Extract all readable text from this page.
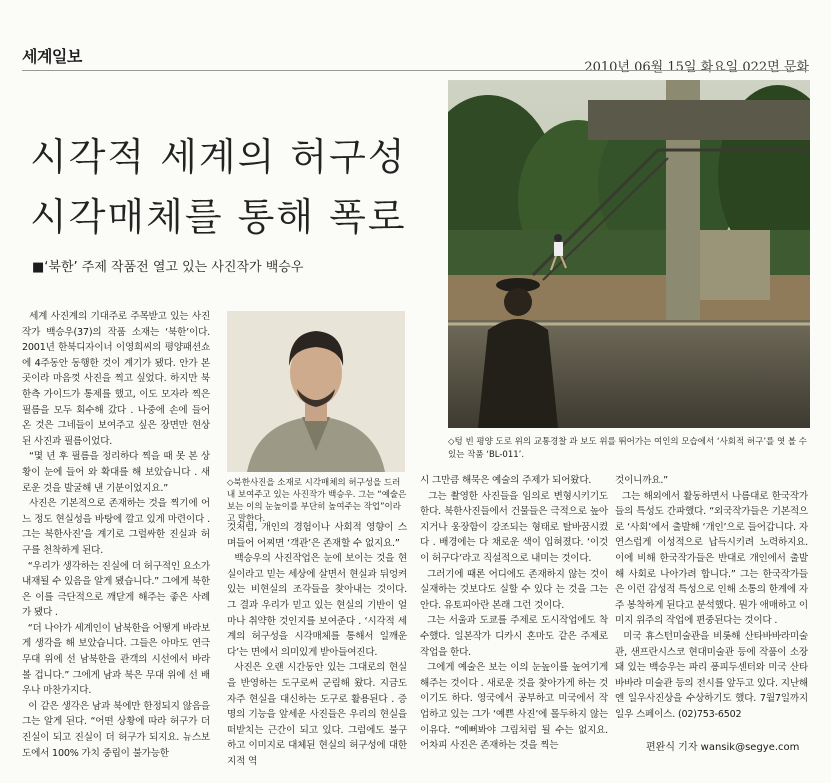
세계일보
2010년 06월 15일 화요일 022면 문화
시각적 세계의 허구성
시각매체를 통해 폭로
■‘북한’ 주제 작품전 열고 있는 사진작가 백승우
◇텅 빈 평양 도로 위의 교통경찰 과 보도 위를 뛰어가는 여인의 모습에서 ‘사회적 허구’를 엿 볼 수 있는 작품 ‘BL-011’.
◇북한사진을 소재로 시각매체의 허구성을 드러내 보여주고 있는 사진작가 백승우. 그는 “예술은 보는 이의 눈높이를 부단히 높여주는 작업”이라고 말한다.
세계 사진계의 기대주로 주목받고 있는 사진작가 백승우(37)의 작품 소재는 ‘북한’이다. 2001년 한북디자이너 이영희씨의 평양패션쇼에 4주동안 동행한 것이 계기가 됐다. 안가 본 곳이라 마음껏 사진을 찍고 싶었다. 하지만 북한측 가이드가 통제를 했고, 이도 모자라 찍은 필름을 모두 회수해 갔다 . 나중에 손에 들어 온 것은 그네들이 보여주고 싶은 장면만 현상 된 사진과 필름이었다.
“몇 년 후 필름을 정리하다 찍을 때 못 본 상황이 눈에 들어 와 확대를 해 보았습니다 . 새로운 것을 발굴해 낸 기분이었지요.”
사진은 기본적으로 존재하는 것을 찍기에 어느 정도 현실성을 바탕에 깔고 있게 마련이다 . 그는 북한사진’을 계기로 그럴싸한 진실과 허구를 천착하게 된다.
“우리가 생각하는 진실에 더 허구적인 요소가 내재될 수 있음을 알게 됐습니다.” 그에게 북한은 이를 극단적으로 깨닫게 해주는 좋은 사례가 됐다 .
“더 나아가 세계인이 남북한을 어떻게 바라보게 생각을 해 보았습니다. 그들은 아마도 연극무대 위에 선 남북한을 관객의 시선에서 바라볼 겁니다.” 그에게 남과 북은 무대 위에 선 배우나 마찬가지다.
이 같은 생각은 남과 북에만 한정되지 않음을 그는 알게 된다. “어떤 상황에 따라 허구가 더 진실이 되고 진실이 더 허구가 되지요. 뉴스보도에서 100% 가치 중립이 불가능한
것처럼, 개인의 경험이나 사회적 영향이 스며들어 어찌면 ‘객관’은 존재할 수 없지요.”
백승우의 사진작업은 눈에 보이는 것을 현실이라고 믿는 세상에 살면서 현실과 뒤엉켜 있는 비현실의 조각들을 찾아내는 것이다. 그 결과 우리가 믿고 있는 현실의 기반이 얼마나 취약한 것인지를 보여준다 . ‘시각적 세계의 허구성을 시각매체를 통해서 일깨운다’는 면에서 의미있게 받아들여진다.
사진은 오랜 시간동안 있는 그대로의 현실을 반영하는 도구로써 군림해 왔다. 지금도 자주 현실을 대신하는 도구로 활용된다 . 증명의 기능을 앞세운 사진들은 우리의 현실을 떠받치는 근간이 되고 있다. 그럼에도 불구하고 이미지로 대체된 현실의 허구성에 대한 지적 역
시 그만큼 해묵은 예술의 주제가 되어왔다.
그는 촬영한 사진들을 임의로 변형시키기도 한다. 북한사진들에서 건물들은 극적으로 높아지거나 웅장함이 강조되는 형태로 탈바꿈시켰다 . 배경에는 다 채로운 색이 입혀졌다. ‘이것이 허구다’라고 직설적으로 내미는 것이다.
그러기에 때론 어디에도 존재하지 않는 것이 실재하는 것보다도 실할 수 있다 는 것을 그는 안다. 유토피아란 본래 그런 것이다.
그는 서울과 도쿄를 주제로 도시작업에도 착수했다. 일본작가 디카시 혼마도 같은 주제로 작업을 한다.
그에게 예술은 보는 이의 눈높이를 높여기게 해주는 것이다 . 새로운 것을 찾아가게 하는 것이기도 하다. 영국에서 공부하고 미국에서 작업하고 있는 그가 ‘예쁜 사진’에 몰두하지 않는 이유다. “예뻐봐야 그림처럼 될 수는 없지요. 어차피 사진은 존재하는 것을 찍는
것이니까요.”
그는 해외에서 활동하면서 나름대로 한국작가들의 특성도 간파했다. “외국작가들은 기본적으로 ‘사회’에서 출발해 ‘개인’으로 들어갑니다. 자연스럽게 이성적으로 납득시키려 노력하지요. 이에 비해 한국작가들은 반대로 개인에서 출발해 사회로 나아가려 합니다.” 그는 한국작가들은 이런 감성적 특성으로 인해 소통의 한계에 자주 봉착하게 된다고 분석했다. 뭔가 애매하고 이미지 위주의 작업에 편중된다는 것이다 .
미국 휴스턴미술관을 비롯해 산타바바라미술관, 샌프란시스코 현대미술관 등에 작품이 소장돼 있는 백승우는 파리 퐁피두센터와 미국 산타바바라 미술관 등의 전시를 앞두고 있다. 지난해엔 일우사진상을 수상하기도 했다. 7월7일까지 일우 스페이스. (02)753-6502
편완식 기자 wansik@segye.com
